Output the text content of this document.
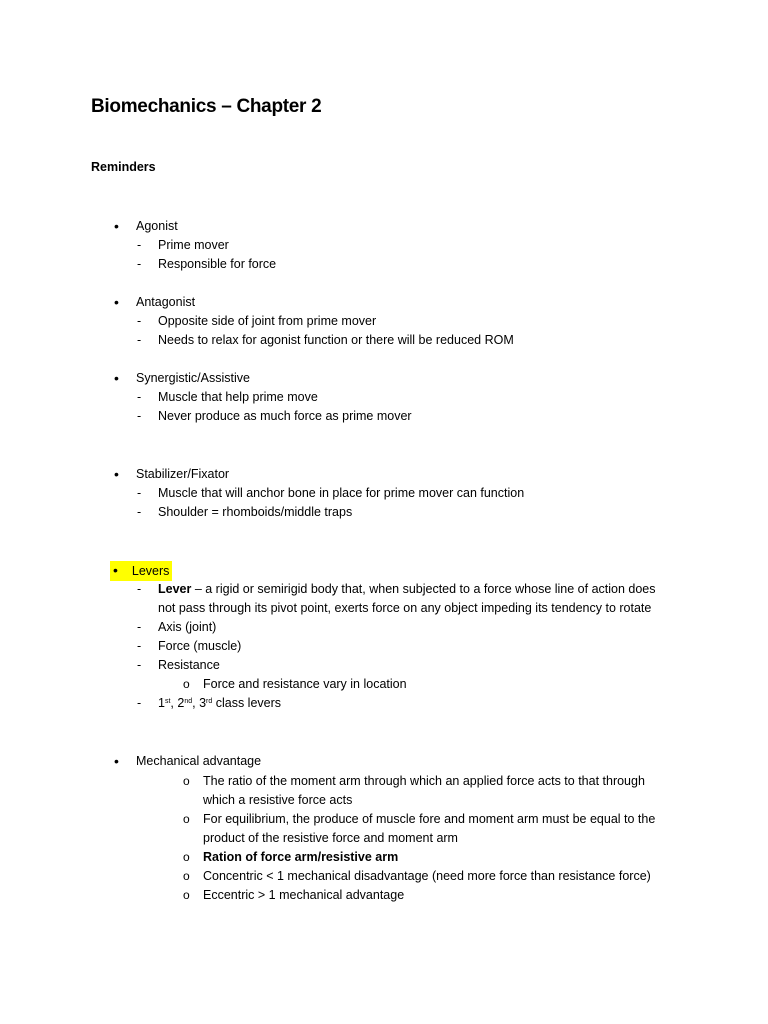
Biomechanics – Chapter 2
Reminders
• Agonist
- Prime mover
- Responsible for force
• Antagonist
- Opposite side of joint from prime mover
- Needs to relax for agonist function or there will be reduced ROM
• Synergistic/Assistive
- Muscle that help prime move
- Never produce as much force as prime mover
• Stabilizer/Fixator
- Muscle that will anchor bone in place for prime mover can function
- Shoulder = rhomboids/middle traps
• Levers
- Lever – a rigid or semirigid body that, when subjected to a force whose line of action does
not pass through its pivot point, exerts force on any object impeding its tendency to rotate
- Axis (joint)
- Force (muscle)
- Resistance
o Force and resistance vary in location
- 1st, 2nd, 3rd class levers
• Mechanical advantage
o The ratio of the moment arm through which an applied force acts to that through
which a resistive force acts
o For equilibrium, the produce of muscle fore and moment arm must be equal to the
product of the resistive force and moment arm
o Ration of force arm/resistive arm
o Concentric < 1 mechanical disadvantage (need more force than resistance force)
o Eccentric > 1 mechanical advantage
